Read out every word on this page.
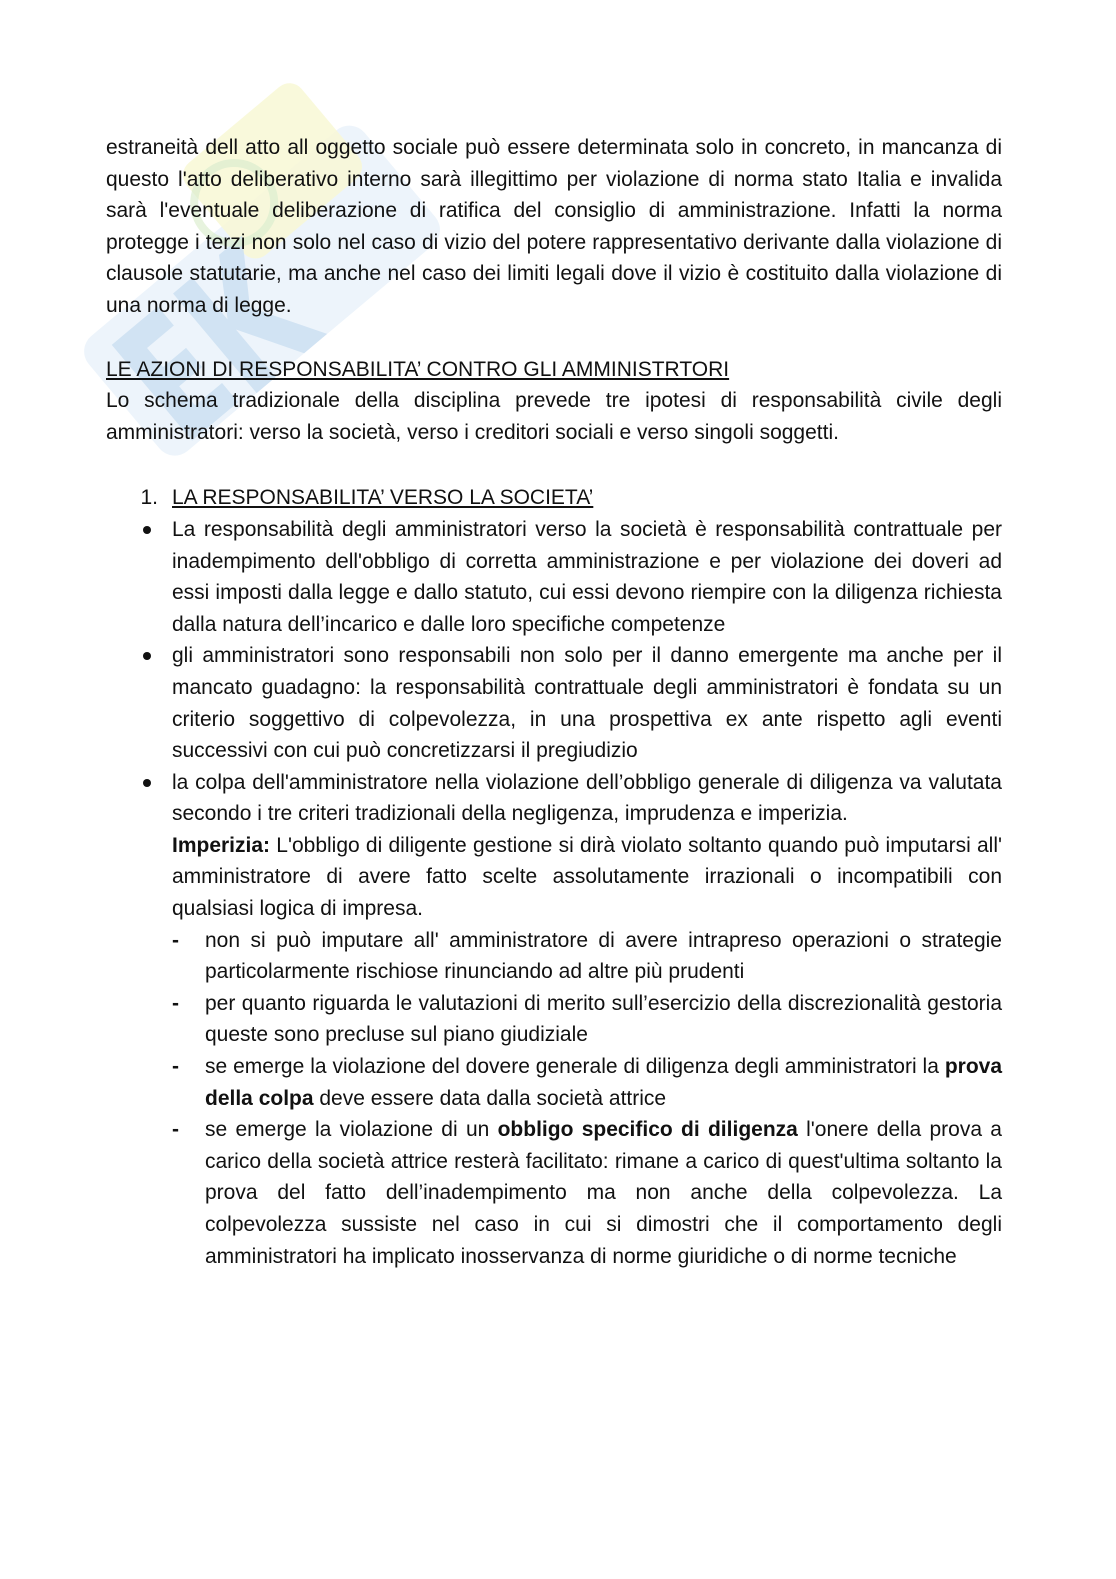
estraneità dell atto all oggetto sociale può essere determinata solo in concreto, in mancanza di questo l'atto deliberativo interno sarà illegittimo per violazione di norma stato Italia e invalida sarà l'eventuale deliberazione di ratifica del consiglio di amministrazione. Infatti la norma protegge i terzi non solo nel caso di vizio del potere rappresentativo derivante dalla violazione di clausole statutarie, ma anche nel caso dei limiti legali dove il vizio è costituito dalla violazione di una norma di legge.

LE AZIONI DI RESPONSABILITA’ CONTRO GLI AMMINISTRTORI

Lo schema tradizionale della disciplina prevede tre ipotesi di responsabilità civile degli amministratori: verso la società, verso i creditori sociali e verso singoli soggetti.

1. LA RESPONSABILITA’ VERSO LA SOCIETA’
La responsabilità degli amministratori verso la società è responsabilità contrattuale per inadempimento dell'obbligo di corretta amministrazione e per violazione dei doveri ad essi imposti dalla legge e dallo statuto, cui essi devono riempire con la diligenza richiesta dalla natura dell’incarico e dalle loro specifiche competenze
gli amministratori sono responsabili non solo per il danno emergente ma anche per il mancato guadagno: la responsabilità contrattuale degli amministratori è fondata su un criterio soggettivo di colpevolezza, in una prospettiva ex ante rispetto agli eventi successivi con cui può concretizzarsi il pregiudizio
la colpa dell'amministratore nella violazione dell’obbligo generale di diligenza va valutata secondo i tre criteri tradizionali della negligenza, imprudenza e imperizia.

Imperizia: L'obbligo di diligente gestione si dirà violato soltanto quando può imputarsi all' amministratore di avere fatto scelte assolutamente irrazionali o incompatibili con qualsiasi logica di impresa.

- non si può imputare all' amministratore di avere intrapreso operazioni o strategie particolarmente rischiose rinunciando ad altre più prudenti
- per quanto riguarda le valutazioni di merito sull’esercizio della discrezionalità gestoria queste sono precluse sul piano giudiziale
- se emerge la violazione del dovere generale di diligenza degli amministratori la prova della colpa deve essere data dalla società attrice
- se emerge la violazione di un obbligo specifico di diligenza l'onere della prova a carico della società attrice resterà facilitato: rimane a carico di quest'ultima soltanto la prova del fatto dell’inadempimento ma non anche della colpevolezza. La colpevolezza sussiste nel caso in cui si dimostri che il comportamento degli amministratori ha implicato inosservanza di norme giuridiche o di norme tecniche
